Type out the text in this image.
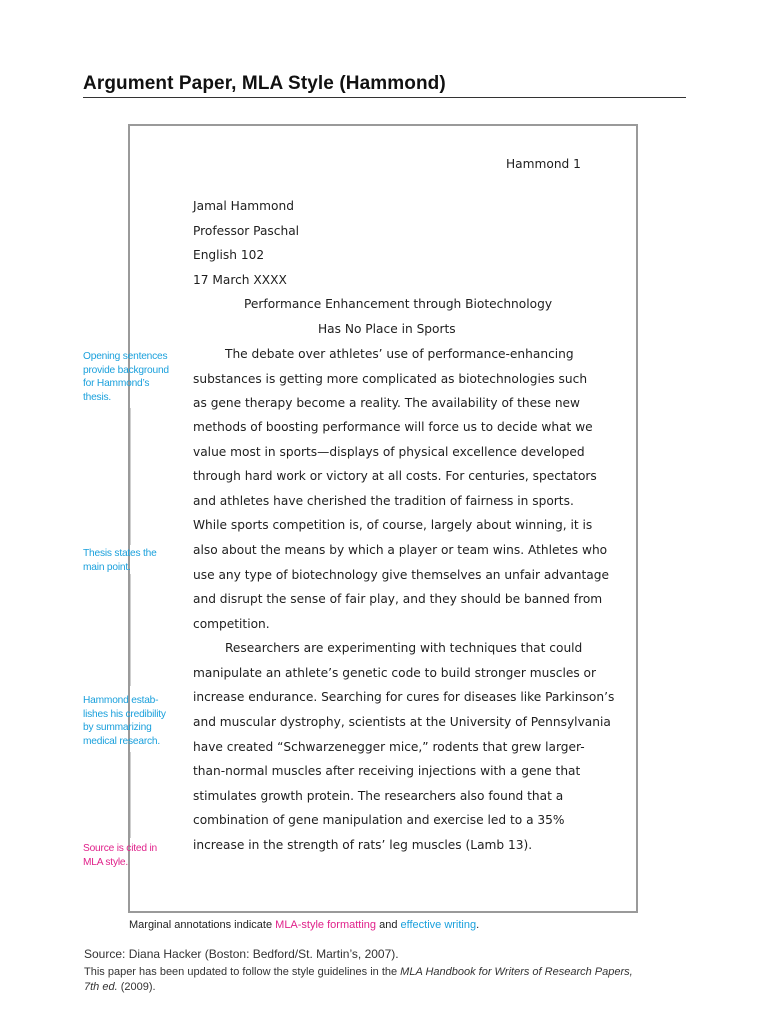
Argument Paper, MLA Style (Hammond)
Hammond 1
Jamal Hammond
Professor Paschal
English 102
17 March XXXX
Performance Enhancement through Biotechnology
Has No Place in Sports
The debate over athletes’ use of performance-enhancing
substances is getting more complicated as biotechnologies such
as gene therapy become a reality. The availability of these new
methods of boosting performance will force us to decide what we
value most in sports—displays of physical excellence developed
through hard work or victory at all costs. For centuries, spectators
and athletes have cherished the tradition of fairness in sports.
While sports competition is, of course, largely about winning, it is
also about the means by which a player or team wins. Athletes who
use any type of biotechnology give themselves an unfair advantage
and disrupt the sense of fair play, and they should be banned from
competition.
Researchers are experimenting with techniques that could
manipulate an athlete’s genetic code to build stronger muscles or
increase endurance. Searching for cures for diseases like Parkinson’s
and muscular dystrophy, scientists at the University of Pennsylvania
have created “Schwarzenegger mice,” rodents that grew larger-
than-normal muscles after receiving injections with a gene that
stimulates growth protein. The researchers also found that a
combination of gene manipulation and exercise led to a 35%
increase in the strength of rats’ leg muscles (Lamb 13).
Opening sentences
provide background
for Hammond’s
thesis.
Thesis states the
main point.
Hammond estab-
lishes his credibility
by summarizing
medical research.
Source is cited in
MLA style.
Marginal annotations indicate MLA-style formatting and effective writing.
Source: Diana Hacker (Boston: Bedford/St. Martin’s, 2007).
This paper has been updated to follow the style guidelines in the MLA Handbook for Writers of Research Papers,
7th ed. (2009).
